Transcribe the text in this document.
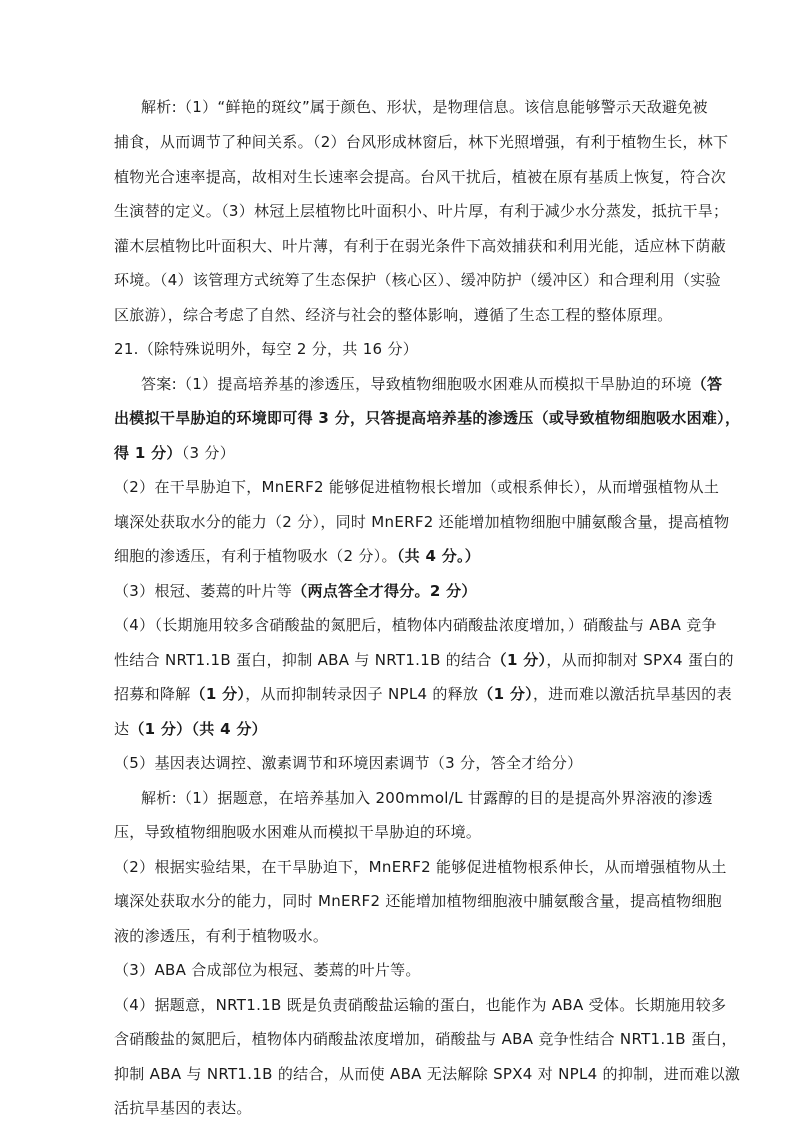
解析:（1）“鲜艳的斑纹”属于颜色、形状，是物理信息。该信息能够警示天敌避免被
捕食，从而调节了种间关系。（2）台风形成林窗后，林下光照增强，有利于植物生长，林下
植物光合速率提高，故相对生长速率会提高。台风干扰后，植被在原有基质上恢复，符合次
生演替的定义。（3）林冠上层植物比叶面积小、叶片厚，有利于减少水分蒸发，抵抗干旱；
灌木层植物比叶面积大、叶片薄，有利于在弱光条件下高效捕获和利用光能，适应林下荫蔽
环境。（4）该管理方式统筹了生态保护（核心区）、缓冲防护（缓冲区）和合理利用（实验
区旅游），综合考虑了自然、经济与社会的整体影响，遵循了生态工程的整体原理。
21.（除特殊说明外，每空 2 分，共 16 分）
答案:（1）提高培养基的渗透压，导致植物细胞吸水困难从而模拟干旱胁迫的环境（答
出模拟干旱胁迫的环境即可得 3 分，只答提高培养基的渗透压（或导致植物细胞吸水困难），
得 1 分）（3 分）
（2）在干旱胁迫下，MnERF2 能够促进植物根长增加（或根系伸长），从而增强植物从土
壤深处获取水分的能力（2 分），同时 MnERF2 还能增加植物细胞中脯氨酸含量，提高植物
细胞的渗透压，有利于植物吸水（2 分）。（共 4 分。）
（3）根冠、萎蔫的叶片等（两点答全才得分。2 分）
（4）（长期施用较多含硝酸盐的氮肥后，植物体内硝酸盐浓度增加，）硝酸盐与 ABA 竞争
性结合 NRT1.1B 蛋白，抑制 ABA 与 NRT1.1B 的结合（1 分），从而抑制对 SPX4 蛋白的
招募和降解（1 分），从而抑制转录因子 NPL4 的释放（1 分），进而难以激活抗旱基因的表
达（1 分）（共 4 分）
（5）基因表达调控、激素调节和环境因素调节（3 分，答全才给分）
解析:（1）据题意，在培养基加入 200mmol/L 甘露醇的目的是提高外界溶液的渗透
压，导致植物细胞吸水困难从而模拟干旱胁迫的环境。
（2）根据实验结果，在干旱胁迫下，MnERF2 能够促进植物根系伸长，从而增强植物从土
壤深处获取水分的能力，同时 MnERF2 还能增加植物细胞液中脯氨酸含量，提高植物细胞
液的渗透压，有利于植物吸水。
（3）ABA 合成部位为根冠、萎蔫的叶片等。
（4）据题意，NRT1.1B 既是负责硝酸盐运输的蛋白，也能作为 ABA 受体。长期施用较多
含硝酸盐的氮肥后，植物体内硝酸盐浓度增加，硝酸盐与 ABA 竞争性结合 NRT1.1B 蛋白，
抑制 ABA 与 NRT1.1B 的结合，从而使 ABA 无法解除 SPX4 对 NPL4 的抑制，进而难以激
活抗旱基因的表达。
